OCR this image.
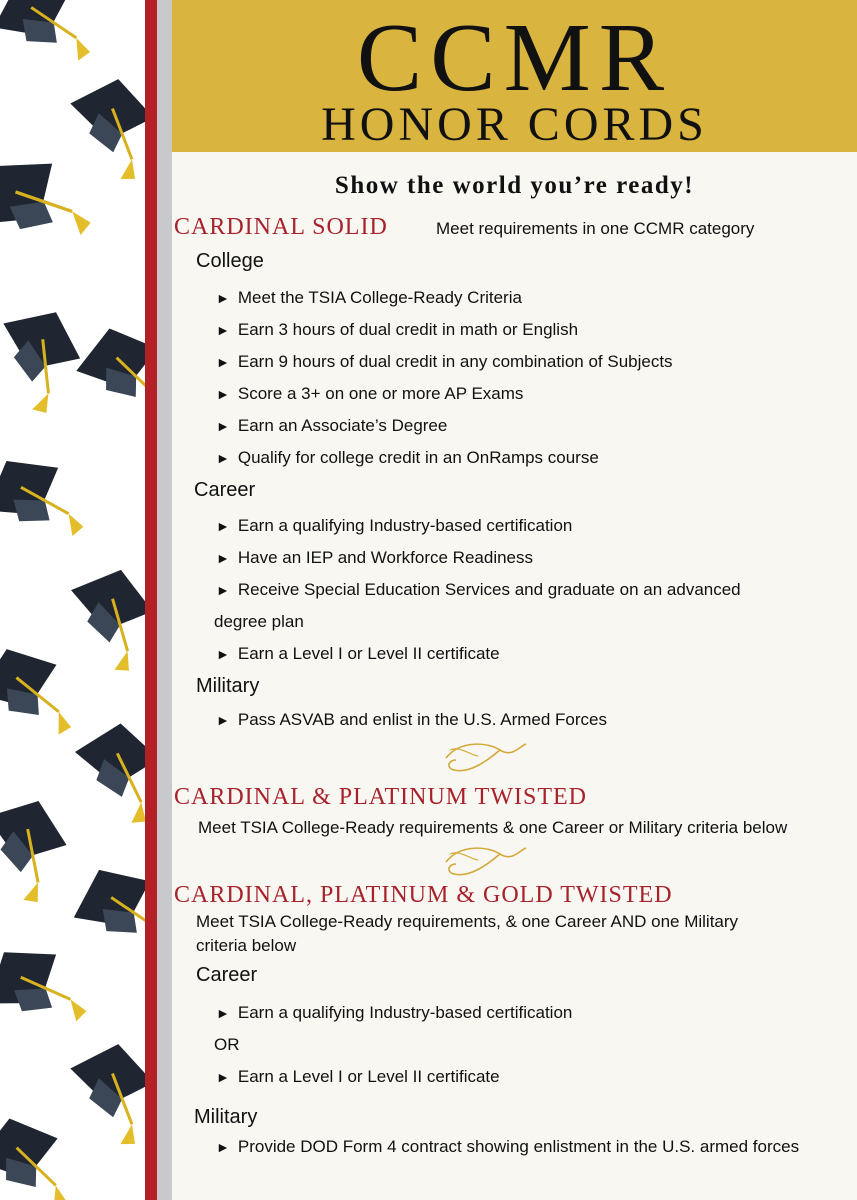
CCMR
HONOR CORDS
Show the world you’re ready!
CARDINAL SOLID	Meet requirements in one CCMR category
College
► Meet the TSIA College-Ready Criteria
► Earn 3 hours of dual credit in math or English
► Earn 9 hours of dual credit in any combination of Subjects
► Score a 3+ on one or more AP Exams
► Earn an Associate’s Degree
► Qualify for college credit in an OnRamps course
Career
► Earn a qualifying Industry-based certification
► Have an IEP and Workforce Readiness
► Receive Special Education Services and graduate on an advanced
degree plan
► Earn a Level I or Level II certificate
Military
► Pass ASVAB and enlist in the U.S. Armed Forces
CARDINAL & PLATINUM TWISTED
Meet TSIA College-Ready requirements & one Career or Military criteria below
CARDINAL, PLATINUM & GOLD TWISTED
Meet TSIA College-Ready requirements, & one Career AND one Military
criteria below
Career
► Earn a qualifying Industry-based certification
OR
► Earn a Level I or Level II certificate
Military
► Provide DOD Form 4 contract showing enlistment in the U.S. armed forces
